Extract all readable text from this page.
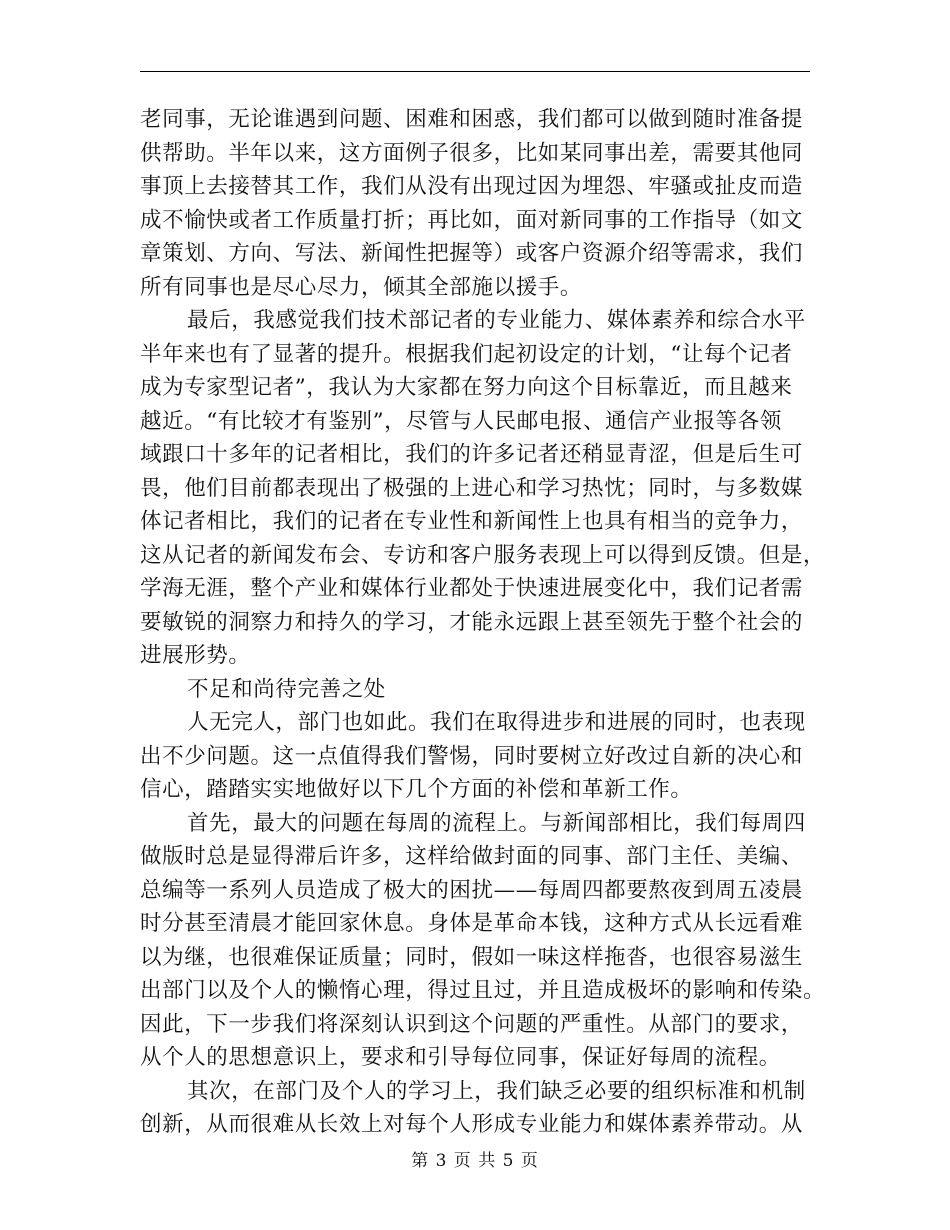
老同事，无论谁遇到问题、困难和困惑，我们都可以做到随时准备提
供帮助。半年以来，这方面例子很多，比如某同事出差，需要其他同
事顶上去接替其工作，我们从没有出现过因为埋怨、牢骚或扯皮而造
成不愉快或者工作质量打折；再比如，面对新同事的工作指导（如文
章策划、方向、写法、新闻性把握等）或客户资源介绍等需求，我们
所有同事也是尽心尽力，倾其全部施以援手。
最后，我感觉我们技术部记者的专业能力、媒体素养和综合水平
半年来也有了显著的提升。根据我们起初设定的计划，“让每个记者
成为专家型记者”，我认为大家都在努力向这个目标靠近，而且越来
越近。“有比较才有鉴别”，尽管与人民邮电报、通信产业报等各领
域跟口十多年的记者相比，我们的许多记者还稍显青涩，但是后生可
畏，他们目前都表现出了极强的上进心和学习热忱；同时，与多数媒
体记者相比，我们的记者在专业性和新闻性上也具有相当的竞争力，
这从记者的新闻发布会、专访和客户服务表现上可以得到反馈。但是，
学海无涯，整个产业和媒体行业都处于快速进展变化中，我们记者需
要敏锐的洞察力和持久的学习，才能永远跟上甚至领先于整个社会的
进展形势。
不足和尚待完善之处
人无完人，部门也如此。我们在取得进步和进展的同时，也表现
出不少问题。这一点值得我们警惕，同时要树立好改过自新的决心和
信心，踏踏实实地做好以下几个方面的补偿和革新工作。
首先，最大的问题在每周的流程上。与新闻部相比，我们每周四
做版时总是显得滞后许多，这样给做封面的同事、部门主任、美编、
总编等一系列人员造成了极大的困扰——每周四都要熬夜到周五凌晨
时分甚至清晨才能回家休息。身体是革命本钱，这种方式从长远看难
以为继，也很难保证质量；同时，假如一味这样拖沓，也很容易滋生
出部门以及个人的懒惰心理，得过且过，并且造成极坏的影响和传染。
因此，下一步我们将深刻认识到这个问题的严重性。从部门的要求，
从个人的思想意识上，要求和引导每位同事，保证好每周的流程。
其次，在部门及个人的学习上，我们缺乏必要的组织标准和机制
创新，从而很难从长效上对每个人形成专业能力和媒体素养带动。从
第 3 页 共 5 页
